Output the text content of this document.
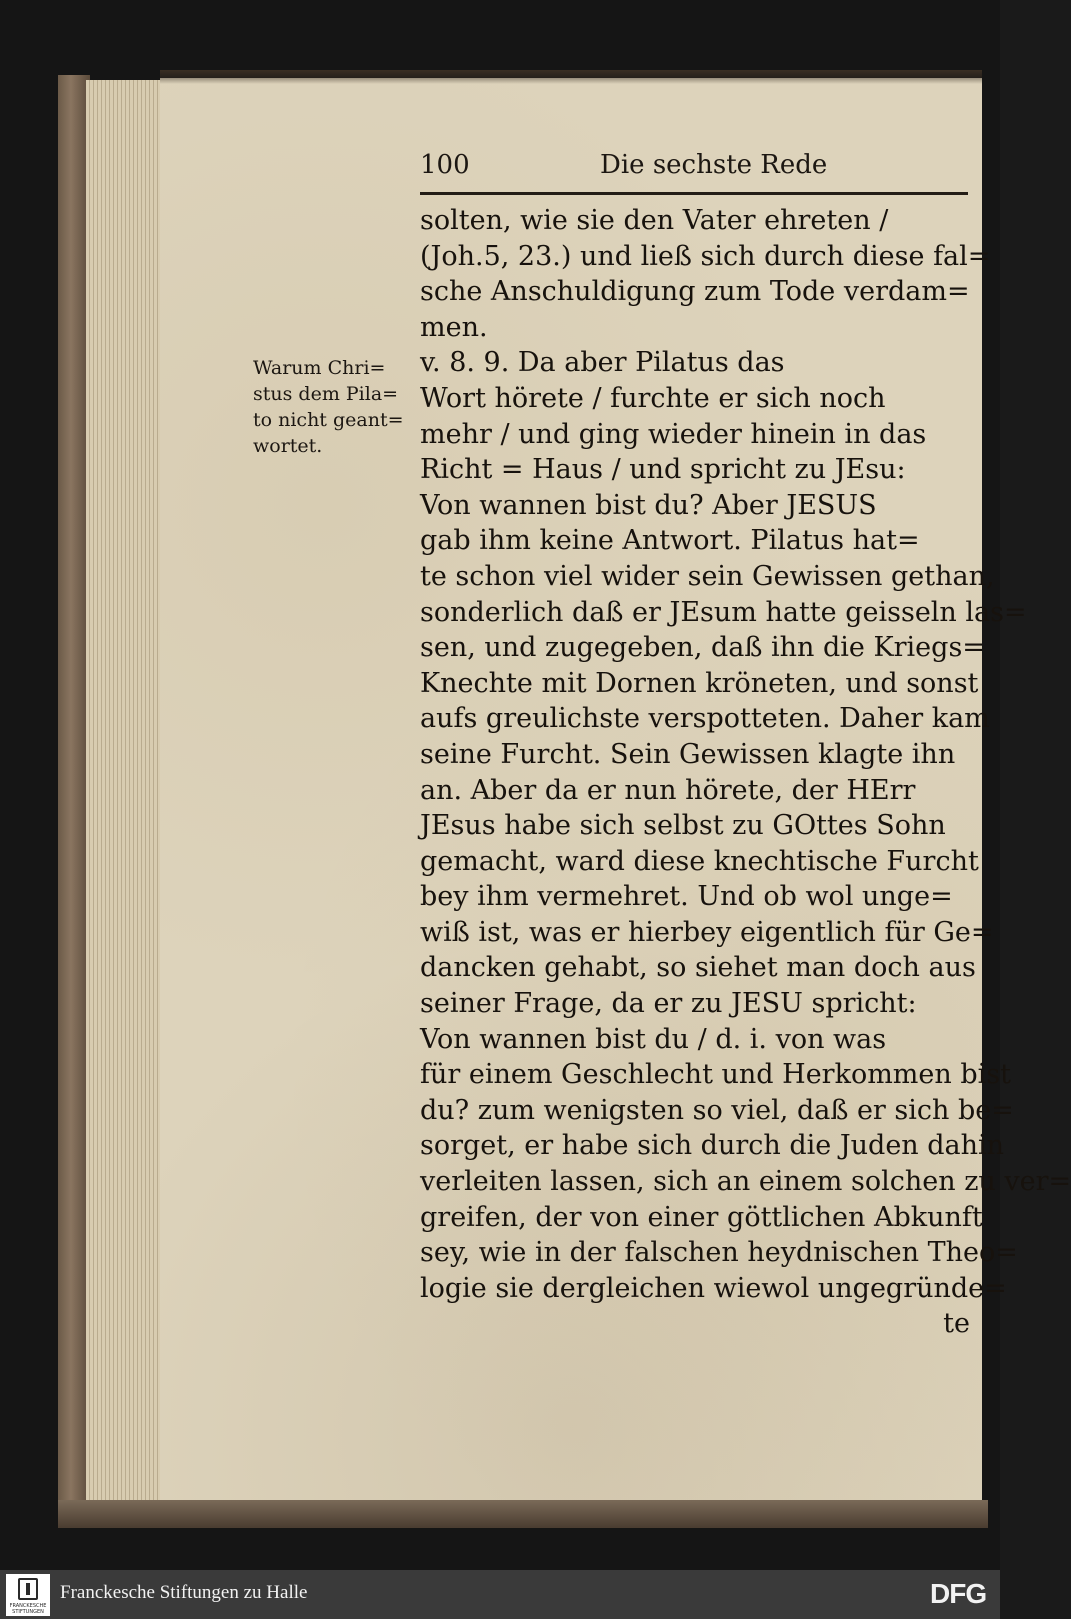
100	Die sechste Rede
Warum Chri=
stus dem Pila=
to nicht geant=
wortet.
solten, wie sie den Vater ehreten /
(Joh.5, 23.) und ließ sich durch diese fal=
sche Anschuldigung zum Tode verdam=
men.
v. 8. 9. Da aber Pilatus das
Wort hörete / furchte er sich noch
mehr / und ging wieder hinein in das
Richt = Haus / und spricht zu JEsu:
Von wannen bist du? Aber JESUS
gab ihm keine Antwort. Pilatus hat=
te schon viel wider sein Gewissen gethan,
sonderlich daß er JEsum hatte geisseln las=
sen, und zugegeben, daß ihn die Kriegs=
Knechte mit Dornen kröneten, und sonst
aufs greulichste verspotteten. Daher kam
seine Furcht. Sein Gewissen klagte ihn
an. Aber da er nun hörete, der HErr
JEsus habe sich selbst zu GOttes Sohn
gemacht, ward diese knechtische Furcht
bey ihm vermehret. Und ob wol unge=
wiß ist, was er hierbey eigentlich für Ge=
dancken gehabt, so siehet man doch aus
seiner Frage, da er zu JESU spricht:
Von wannen bist du / d. i. von was
für einem Geschlecht und Herkommen bist
du? zum wenigsten so viel, daß er sich be=
sorget, er habe sich durch die Juden dahin
verleiten lassen, sich an einem solchen zu ver=
greifen, der von einer göttlichen Abkunft
sey, wie in der falschen heydnischen Theo=
logie sie dergleichen wiewol ungegründe=
te
FRANCKESCHE STIFTUNGEN
Franckesche Stiftungen zu Halle	DFG
